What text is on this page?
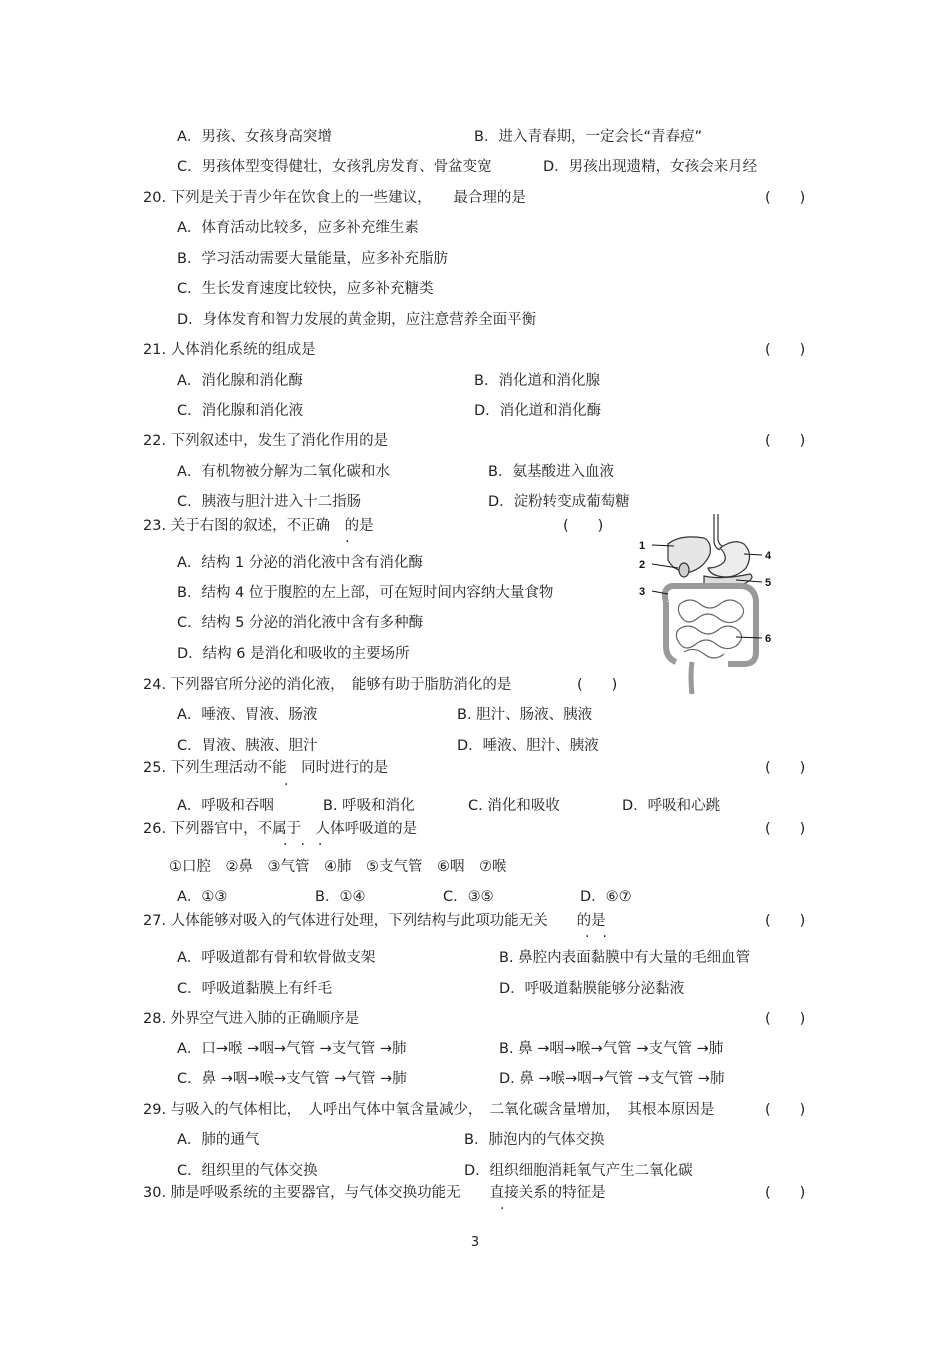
A．男孩、女孩身高突增	B．进入青春期，一定会长“青春痘”
C．男孩体型变得健壮，女孩乳房发育、骨盆变宽	D．男孩出现遗精，女孩会来月经
20. 下列是关于青少年在饮食上的一些建议，　　最合理的是	(　　)
A．体育活动比较多，应多补充维生素
B．学习活动需要大量能量，应多补充脂肪
C．生长发育速度比较快，应多补充糖类
D．身体发育和智力发展的黄金期，应注意营养全面平衡
21. 人体消化系统的组成是	(　　)
A．消化腺和消化酶	B．消化道和消化腺
C．消化腺和消化液	D．消化道和消化酶
22. 下列叙述中，发生了消化作用的是	(　　)
A．有机物被分解为二氧化碳和水	B．氨基酸进入血液
C．胰液与胆汁进入十二指肠	D．淀粉转变成葡萄糖
23. 关于右图的叙述，不正确　的是
.
(　　)
A．结构 1 分泌的消化液中含有消化酶
B．结构 4 位于腹腔的左上部，可在短时间内容纳大量食物
C．结构 5 分泌的消化液中含有多种酶
D．结构 6 是消化和吸收的主要场所
1
2
3
4
5
6
24. 下列器官所分泌的消化液，　能够有助于脂肪消化的是	(　　)
A．唾液、胃液、肠液	B. 胆汁、肠液、胰液
C．胃液、胰液、胆汁	D．唾液、胆汁、胰液
25. 下列生理活动不能　同时进行的是
.
(　　)
A．呼吸和吞咽	B. 呼吸和消化	C. 消化和吸收	D．呼吸和心跳
26. 下列器官中，不属于　人体呼吸道的是
...
(　　)
①口腔　②鼻　③气管　④肺　⑤支气管　⑥咽　⑦喉
A．①③	B．①④	C．③⑤	D．⑥⑦
27. 人体能够对吸入的气体进行处理，下列结构与此项功能无关　　的是
..
(　　)
A．呼吸道都有骨和软骨做支架	B. 鼻腔内表面黏膜中有大量的毛细血管
C．呼吸道黏膜上有纤毛	D．呼吸道黏膜能够分泌黏液
28. 外界空气进入肺的正确顺序是	(　　)
A．口→喉 →咽→气管 →支气管 →肺	B. 鼻 →咽→喉→气管 →支气管 →肺
C．鼻 →咽→喉→支气管 →气管 →肺	D. 鼻 →喉→咽→气管 →支气管 →肺
29. 与吸入的气体相比，　人呼出气体中氧含量减少，　二氧化碳含量增加，　其根本原因是	(　　)
A．肺的通气	B．肺泡内的气体交换
C．组织里的气体交换	D．组织细胞消耗氧气产生二氧化碳
30. 肺是呼吸系统的主要器官，与气体交换功能无　　直接关系的特征是
.
(　　)
3
